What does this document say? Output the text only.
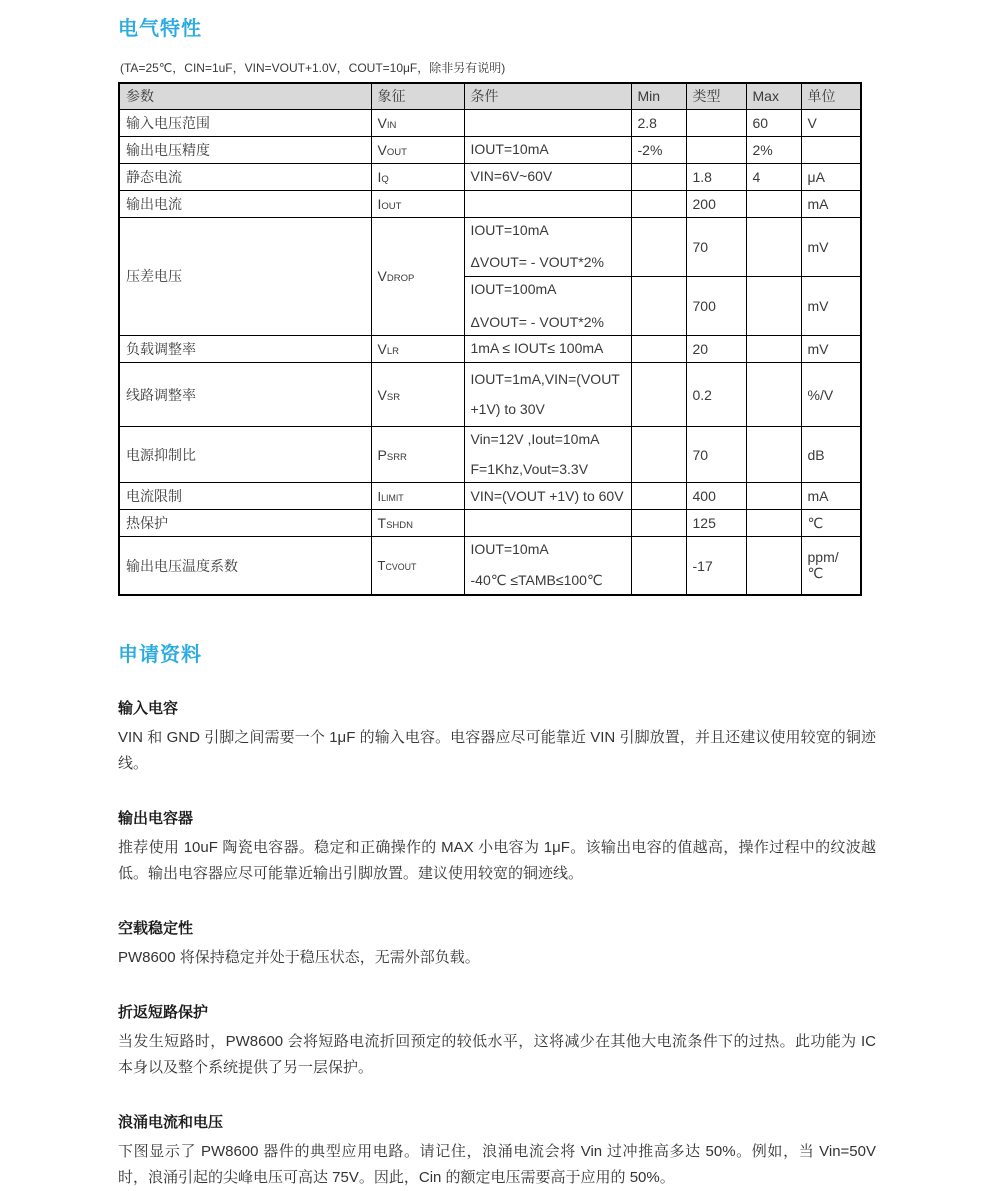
电气特性
(TA=25℃，CIN=1uF，VIN=VOUT+1.0V，COUT=10μF，除非另有说明)
参数	象征	条件	Min	类型	Max	单位
输入电压范围	VIN		2.8		60	V
输出电压精度	VOUT	IOUT=10mA	-2%		2%	
静态电流	IQ	VIN=6V~60V		1.8	4	μA
输出电流	IOUT			200		mA
压差电压	VDROP	IOUT=10mA
ΔVOUT= - VOUT*2%		70		mV

		IOUT=100mA
ΔVOUT= - VOUT*2%		700		mV
负载调整率	VLR	1mA ≤ IOUT≤ 100mA		20		mV
线路调整率	VSR	IOUT=1mA,VIN=(VOUT +1V) to 30V		0.2		%/V
电源抑制比	PSRR	Vin=12V ,Iout=10mA
F=1Khz,Vout=3.3V		70		dB
电流限制	ILIMIT	VIN=(VOUT +1V) to 60V		400		mA
热保护	TSHDN			125		℃
输出电压温度系数	TCVOUT	IOUT=10mA
-40℃ ≤TAMB≤100℃		-17		ppm/℃
申请资料
输入电容

VIN 和 GND 引脚之间需要一个 1μF 的输入电容。电容器应尽可能靠近 VIN 引脚放置，并且还建议使用较宽的铜迹线。

输出电容器

推荐使用 10uF 陶瓷电容器。稳定和正确操作的 MAX 小电容为 1μF。该输出电容的值越高，操作过程中的纹波越低。输出电容器应尽可能靠近输出引脚放置。建议使用较宽的铜迹线。

空载稳定性

PW8600 将保持稳定并处于稳压状态，无需外部负载。

折返短路保护

当发生短路时，PW8600 会将短路电流折回预定的较低水平，这将减少在其他大电流条件下的过热。此功能为 IC 本身以及整个系统提供了另一层保护。

浪涌电流和电压

下图显示了 PW8600 器件的典型应用电路。请记住，浪涌电流会将 Vin 过冲推高多达 50%。例如，当 Vin=50V 时，浪涌引起的尖峰电压可高达 75V。因此，Cin 的额定电压需要高于应用的 50%。
